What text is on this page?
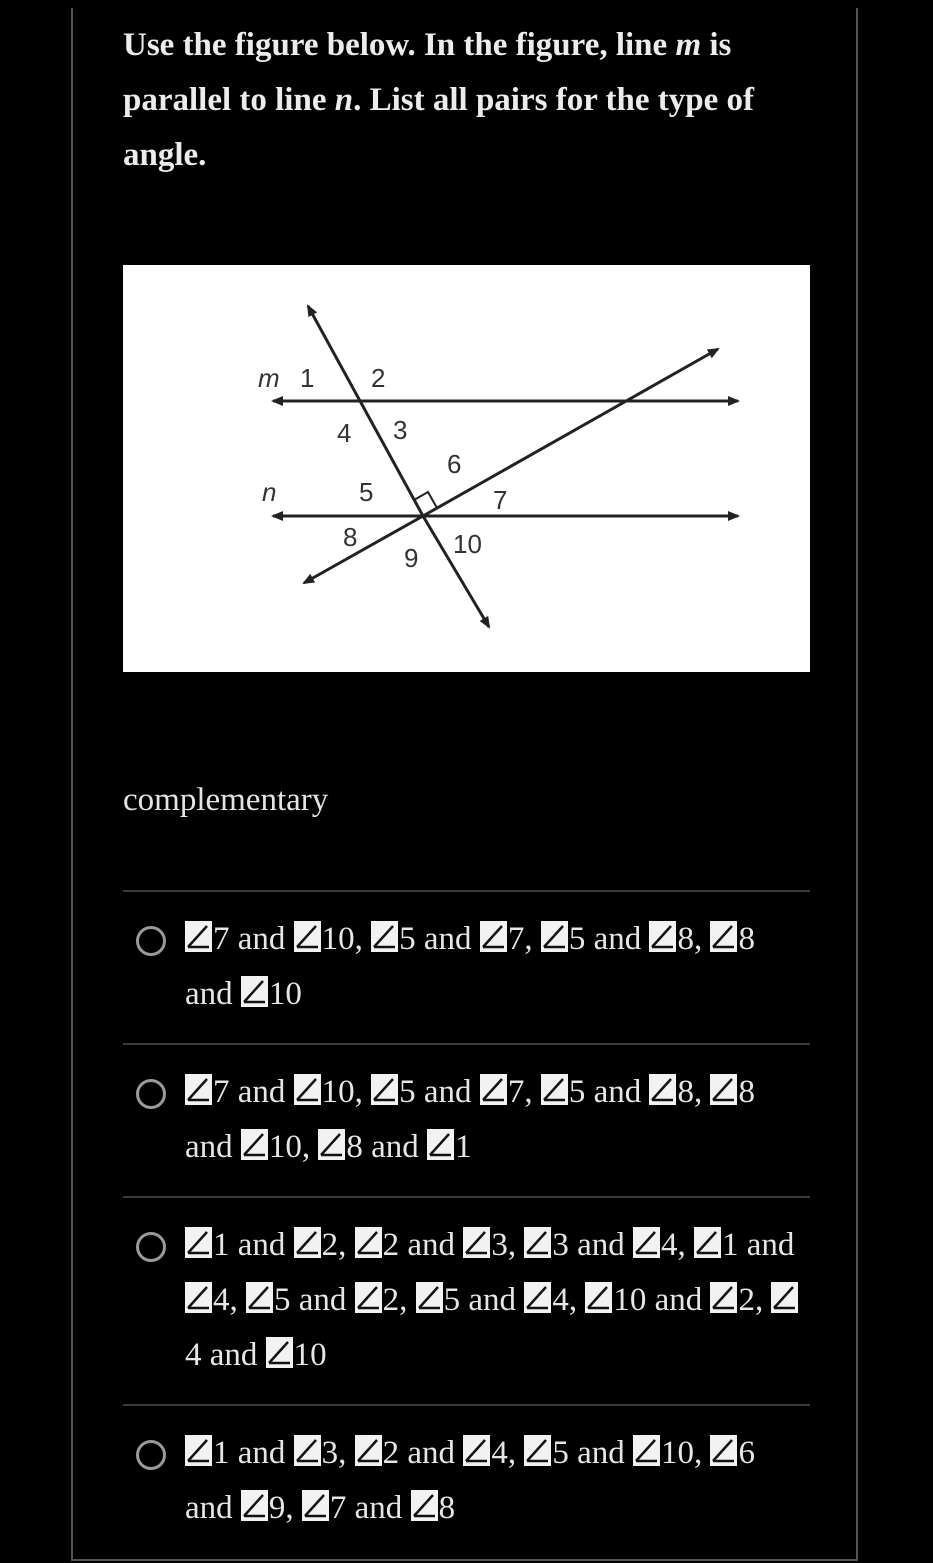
Use the figure below. In the figure, line m is parallel to line n. List all pairs for the type of angle.
m 1 2
4 3
6
n	5	7
8	10
9
complementary
7 and 10, 5 and 7, 5 and 8, 8 and 10
7 and 10, 5 and 7, 5 and 8, 8 and 10, 8 and 1
1 and 2, 2 and 3, 3 and 4, 1 and
4, 5 and 2, 5 and 4, 10 and 2,
4 and 10
1 and 3, 2 and 4, 5 and 10, 6 and 9, 7 and 8
